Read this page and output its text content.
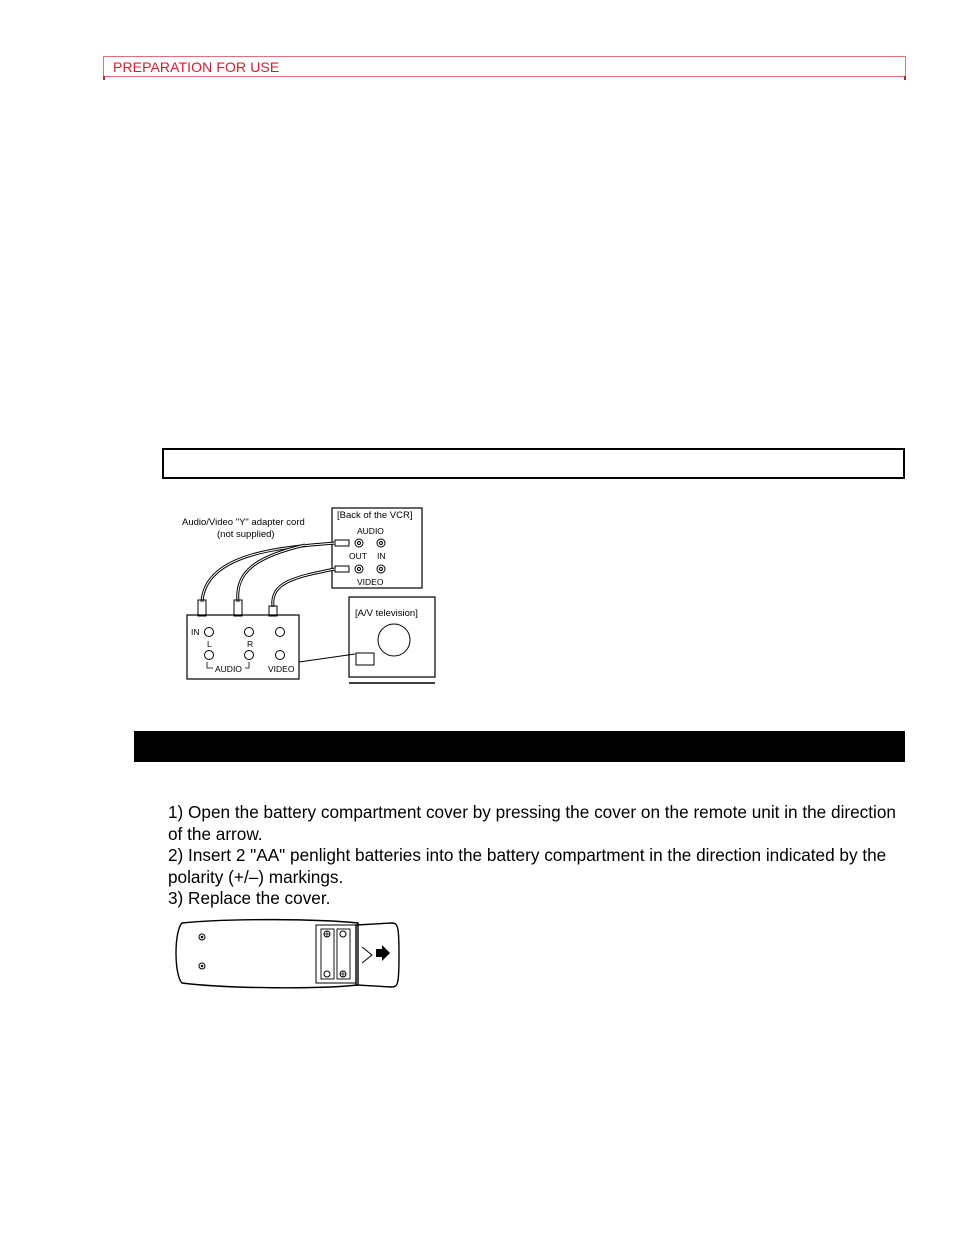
PREPARATION FOR USE
Audio/Video "Y" adapter cord
(not supplied)
[Back of the VCR]
AUDIO
OUT IN
VIDEO
IN
L	R
AUDIO	VIDEO
[A/V television]

1) Open the battery compartment cover by pressing the cover on the remote unit in the direction of the arrow.

2) Insert 2 "AA" penlight batteries into the battery compartment in the direction indicated by the polarity (+/–) markings.

3) Replace the cover.
